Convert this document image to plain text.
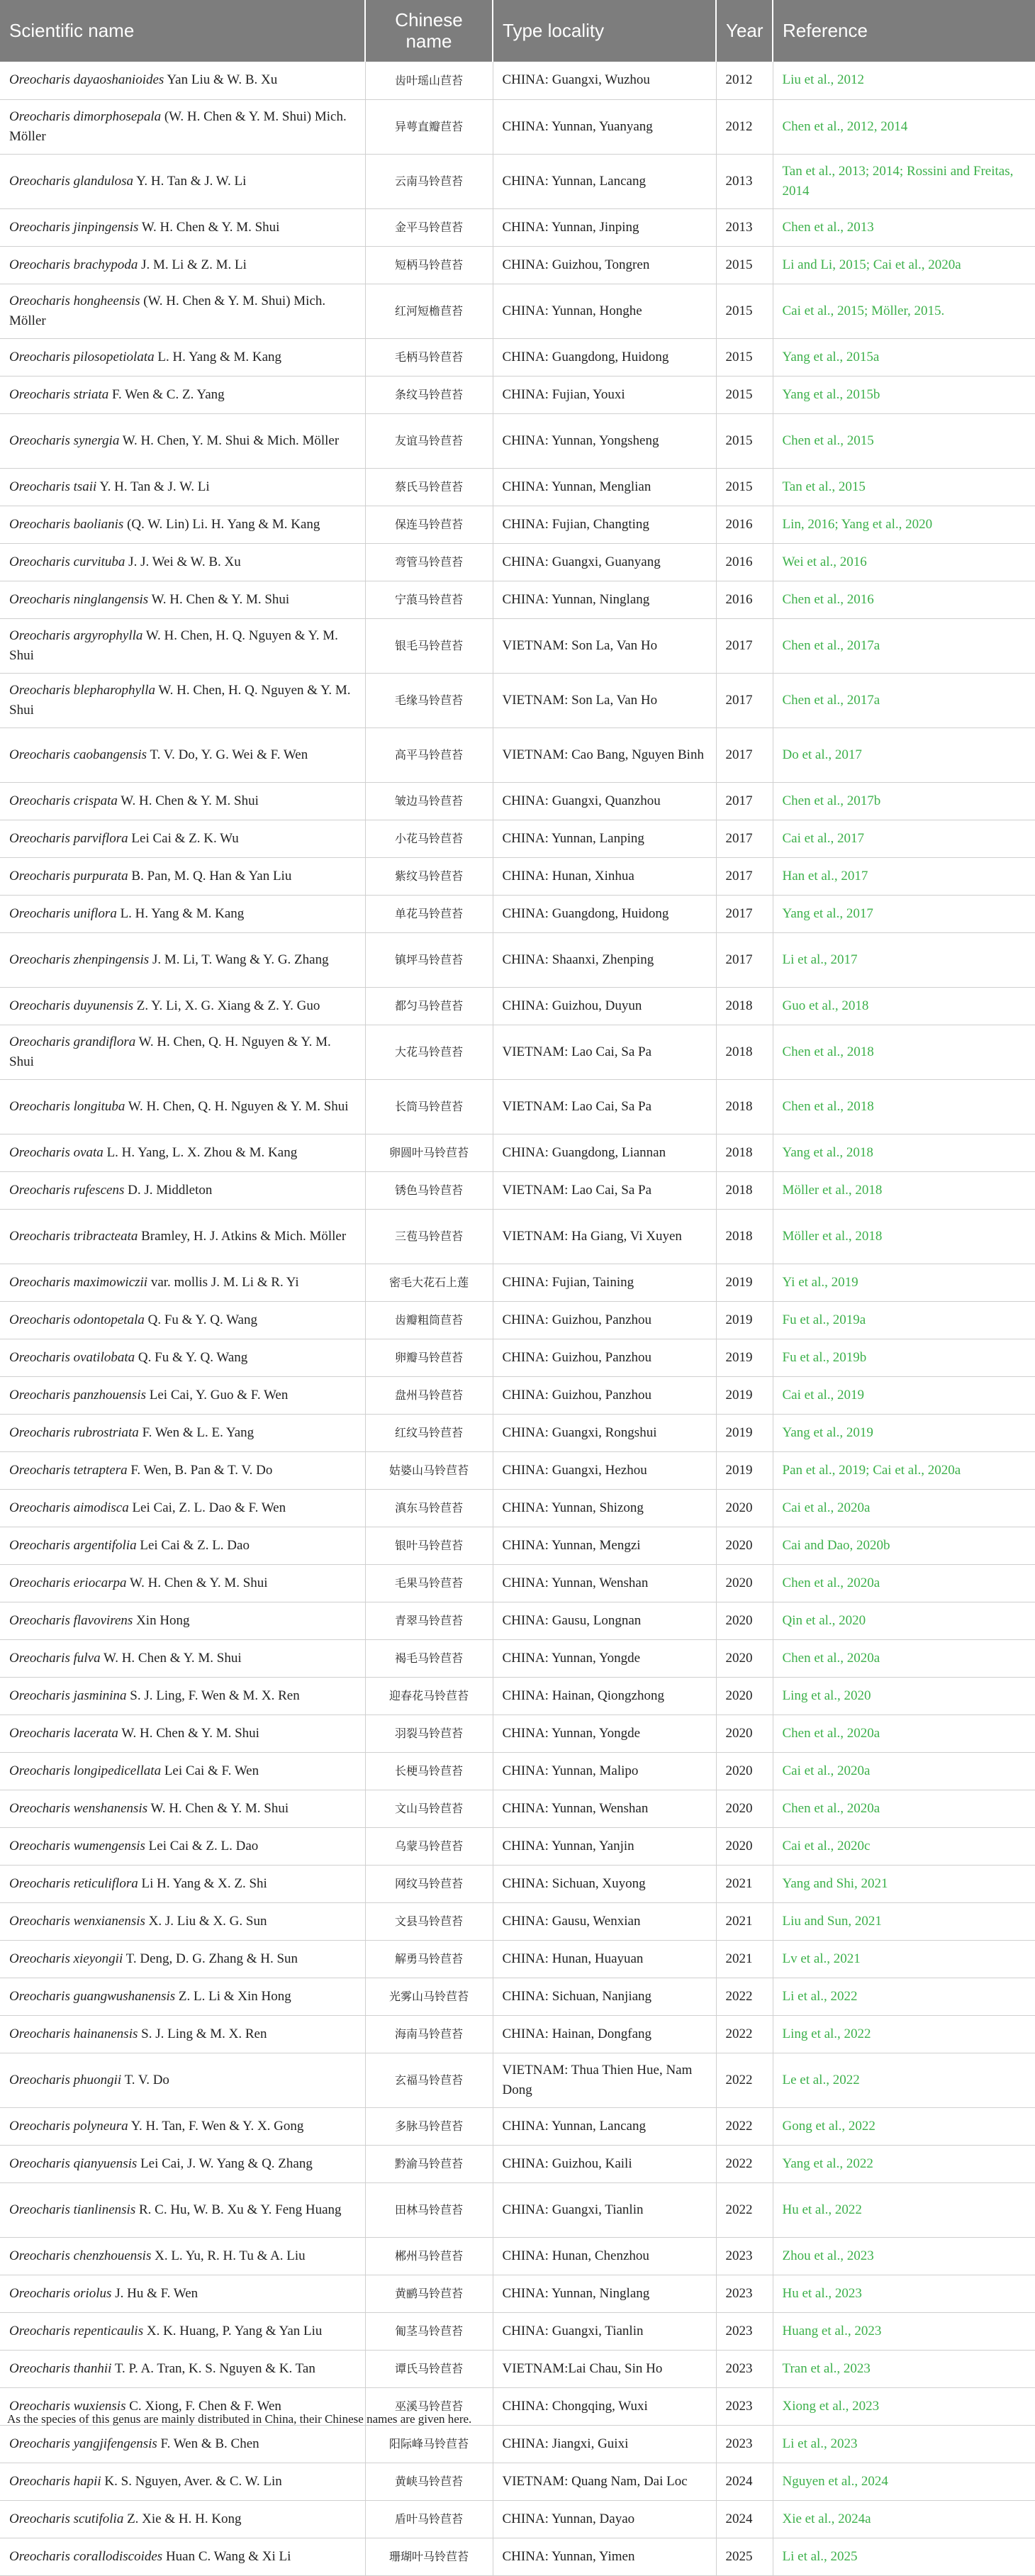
Scientific name	Chinese name	Type locality	Year	Reference
Oreocharis dayaoshanioides Yan Liu & W. B. Xu	齿叶瑶山苣苔	CHINA: Guangxi, Wuzhou	2012	Liu et al., 2012
Oreocharis dimorphosepala (W. H. Chen & Y. M. Shui) Mich. Möller	异萼直瓣苣苔	CHINA: Yunnan, Yuanyang	2012	Chen et al., 2012, 2014
Oreocharis glandulosa Y. H. Tan & J. W. Li	云南马铃苣苔	CHINA: Yunnan, Lancang	2013	Tan et al., 2013; 2014; Rossini and Freitas, 2014
Oreocharis jinpingensis W. H. Chen & Y. M. Shui	金平马铃苣苔	CHINA: Yunnan, Jinping	2013	Chen et al., 2013
Oreocharis brachypoda J. M. Li & Z. M. Li	短柄马铃苣苔	CHINA: Guizhou, Tongren	2015	Li and Li, 2015; Cai et al., 2020a
Oreocharis hongheensis (W. H. Chen & Y. M. Shui) Mich. Möller	红河短檐苣苔	CHINA: Yunnan, Honghe	2015	Cai et al., 2015; Möller, 2015.
Oreocharis pilosopetiolata L. H. Yang & M. Kang	毛柄马铃苣苔	CHINA: Guangdong, Huidong	2015	Yang et al., 2015a
Oreocharis striata F. Wen & C. Z. Yang	条纹马铃苣苔	CHINA: Fujian, Youxi	2015	Yang et al., 2015b
Oreocharis synergia W. H. Chen, Y. M. Shui & Mich. Möller	友谊马铃苣苔	CHINA: Yunnan, Yongsheng	2015	Chen et al., 2015
Oreocharis tsaii Y. H. Tan & J. W. Li	蔡氏马铃苣苔	CHINA: Yunnan, Menglian	2015	Tan et al., 2015
Oreocharis baolianis (Q. W. Lin) Li. H. Yang & M. Kang	保连马铃苣苔	CHINA: Fujian, Changting	2016	Lin, 2016; Yang et al., 2020
Oreocharis curvituba J. J. Wei & W. B. Xu	弯管马铃苣苔	CHINA: Guangxi, Guanyang	2016	Wei et al., 2016
Oreocharis ninglangensis W. H. Chen & Y. M. Shui	宁蒗马铃苣苔	CHINA: Yunnan, Ninglang	2016	Chen et al., 2016
Oreocharis argyrophylla W. H. Chen, H. Q. Nguyen & Y. M. Shui	银毛马铃苣苔	VIETNAM: Son La, Van Ho	2017	Chen et al., 2017a
Oreocharis blepharophylla W. H. Chen, H. Q. Nguyen & Y. M. Shui	毛缘马铃苣苔	VIETNAM: Son La, Van Ho	2017	Chen et al., 2017a
Oreocharis caobangensis T. V. Do, Y. G. Wei & F. Wen	高平马铃苣苔	VIETNAM: Cao Bang, Nguyen Binh	2017	Do et al., 2017
Oreocharis crispata W. H. Chen & Y. M. Shui	皱边马铃苣苔	CHINA: Guangxi, Quanzhou	2017	Chen et al., 2017b
Oreocharis parviflora Lei Cai & Z. K. Wu	小花马铃苣苔	CHINA: Yunnan, Lanping	2017	Cai et al., 2017
Oreocharis purpurata B. Pan, M. Q. Han & Yan Liu	紫纹马铃苣苔	CHINA: Hunan, Xinhua	2017	Han et al., 2017
Oreocharis uniflora L. H. Yang & M. Kang	单花马铃苣苔	CHINA: Guangdong, Huidong	2017	Yang et al., 2017
Oreocharis zhenpingensis J. M. Li, T. Wang & Y. G. Zhang	镇坪马铃苣苔	CHINA: Shaanxi, Zhenping	2017	Li et al., 2017
Oreocharis duyunensis Z. Y. Li, X. G. Xiang & Z. Y. Guo	都匀马铃苣苔	CHINA: Guizhou, Duyun	2018	Guo et al., 2018
Oreocharis grandiflora W. H. Chen, Q. H. Nguyen & Y. M. Shui	大花马铃苣苔	VIETNAM: Lao Cai, Sa Pa	2018	Chen et al., 2018
Oreocharis longituba W. H. Chen, Q. H. Nguyen & Y. M. Shui	长筒马铃苣苔	VIETNAM: Lao Cai, Sa Pa	2018	Chen et al., 2018
Oreocharis ovata L. H. Yang, L. X. Zhou & M. Kang	卵圆叶马铃苣苔	CHINA: Guangdong, Liannan	2018	Yang et al., 2018
Oreocharis rufescens D. J. Middleton	锈色马铃苣苔	VIETNAM: Lao Cai, Sa Pa	2018	Möller et al., 2018
Oreocharis tribracteata Bramley, H. J. Atkins & Mich. Möller	三苞马铃苣苔	VIETNAM: Ha Giang, Vi Xuyen	2018	Möller et al., 2018
Oreocharis maximowiczii var. mollis J. M. Li & R. Yi	密毛大花石上莲	CHINA: Fujian, Taining	2019	Yi et al., 2019
Oreocharis odontopetala Q. Fu & Y. Q. Wang	齿瓣粗筒苣苔	CHINA: Guizhou, Panzhou	2019	Fu et al., 2019a
Oreocharis ovatilobata Q. Fu & Y. Q. Wang	卵瓣马铃苣苔	CHINA: Guizhou, Panzhou	2019	Fu et al., 2019b
Oreocharis panzhouensis Lei Cai, Y. Guo & F. Wen	盘州马铃苣苔	CHINA: Guizhou, Panzhou	2019	Cai et al., 2019
Oreocharis rubrostriata F. Wen & L. E. Yang	红纹马铃苣苔	CHINA: Guangxi, Rongshui	2019	Yang et al., 2019
Oreocharis tetraptera F. Wen, B. Pan & T. V. Do	姑婆山马铃苣苔	CHINA: Guangxi, Hezhou	2019	Pan et al., 2019; Cai et al., 2020a
Oreocharis aimodisca Lei Cai, Z. L. Dao & F. Wen	滇东马铃苣苔	CHINA: Yunnan, Shizong	2020	Cai et al., 2020a
Oreocharis argentifolia Lei Cai & Z. L. Dao	银叶马铃苣苔	CHINA: Yunnan, Mengzi	2020	Cai and Dao, 2020b
Oreocharis eriocarpa W. H. Chen & Y. M. Shui	毛果马铃苣苔	CHINA: Yunnan, Wenshan	2020	Chen et al., 2020a
Oreocharis flavovirens Xin Hong	青翠马铃苣苔	CHINA: Gausu, Longnan	2020	Qin et al., 2020
Oreocharis fulva W. H. Chen & Y. M. Shui	褐毛马铃苣苔	CHINA: Yunnan, Yongde	2020	Chen et al., 2020a
Oreocharis jasminina S. J. Ling, F. Wen & M. X. Ren	迎春花马铃苣苔	CHINA: Hainan, Qiongzhong	2020	Ling et al., 2020
Oreocharis lacerata W. H. Chen & Y. M. Shui	羽裂马铃苣苔	CHINA: Yunnan, Yongde	2020	Chen et al., 2020a
Oreocharis longipedicellata Lei Cai & F. Wen	长梗马铃苣苔	CHINA: Yunnan, Malipo	2020	Cai et al., 2020a
Oreocharis wenshanensis W. H. Chen & Y. M. Shui	文山马铃苣苔	CHINA: Yunnan, Wenshan	2020	Chen et al., 2020a
Oreocharis wumengensis Lei Cai & Z. L. Dao	乌蒙马铃苣苔	CHINA: Yunnan, Yanjin	2020	Cai et al., 2020c
Oreocharis reticuliflora Li H. Yang & X. Z. Shi	网纹马铃苣苔	CHINA: Sichuan, Xuyong	2021	Yang and Shi, 2021
Oreocharis wenxianensis X. J. Liu & X. G. Sun	文县马铃苣苔	CHINA: Gausu, Wenxian	2021	Liu and Sun, 2021
Oreocharis xieyongii T. Deng, D. G. Zhang & H. Sun	解勇马铃苣苔	CHINA: Hunan, Huayuan	2021	Lv et al., 2021
Oreocharis guangwushanensis Z. L. Li & Xin Hong	光雾山马铃苣苔	CHINA: Sichuan, Nanjiang	2022	Li et al., 2022
Oreocharis hainanensis S. J. Ling & M. X. Ren	海南马铃苣苔	CHINA: Hainan, Dongfang	2022	Ling et al., 2022
Oreocharis phuongii T. V. Do	玄福马铃苣苔	VIETNAM: Thua Thien Hue, Nam Dong	2022	Le et al., 2022
Oreocharis polyneura Y. H. Tan, F. Wen & Y. X. Gong	多脉马铃苣苔	CHINA: Yunnan, Lancang	2022	Gong et al., 2022
Oreocharis qianyuensis Lei Cai, J. W. Yang & Q. Zhang	黔渝马铃苣苔	CHINA: Guizhou, Kaili	2022	Yang et al., 2022
Oreocharis tianlinensis R. C. Hu, W. B. Xu & Y. Feng Huang	田林马铃苣苔	CHINA: Guangxi, Tianlin	2022	Hu et al., 2022
Oreocharis chenzhouensis X. L. Yu, R. H. Tu & A. Liu	郴州马铃苣苔	CHINA: Hunan, Chenzhou	2023	Zhou et al., 2023
Oreocharis oriolus J. Hu & F. Wen	黄鹂马铃苣苔	CHINA: Yunnan, Ninglang	2023	Hu et al., 2023
Oreocharis repenticaulis X. K. Huang, P. Yang & Yan Liu	匍茎马铃苣苔	CHINA: Guangxi, Tianlin	2023	Huang et al., 2023
Oreocharis thanhii T. P. A. Tran, K. S. Nguyen & K. Tan	谭氏马铃苣苔	VIETNAM:Lai Chau, Sin Ho	2023	Tran et al., 2023
Oreocharis wuxiensis C. Xiong, F. Chen & F. Wen	巫溪马铃苣苔	CHINA: Chongqing, Wuxi	2023	Xiong et al., 2023
Oreocharis yangjifengensis F. Wen & B. Chen	阳际峰马铃苣苔	CHINA: Jiangxi, Guixi	2023	Li et al., 2023
Oreocharis hapii K. S. Nguyen, Aver. & C. W. Lin	黄峡马铃苣苔	VIETNAM: Quang Nam, Dai Loc	2024	Nguyen et al., 2024
Oreocharis scutifolia Z. Xie & H. H. Kong	盾叶马铃苣苔	CHINA: Yunnan, Dayao	2024	Xie et al., 2024a
Oreocharis corallodiscoides Huan C. Wang & Xi Li	珊瑚叶马铃苣苔	CHINA: Yunnan, Yimen	2025	Li et al., 2025
As the species of this genus are mainly distributed in China, their Chinese names are given here.
